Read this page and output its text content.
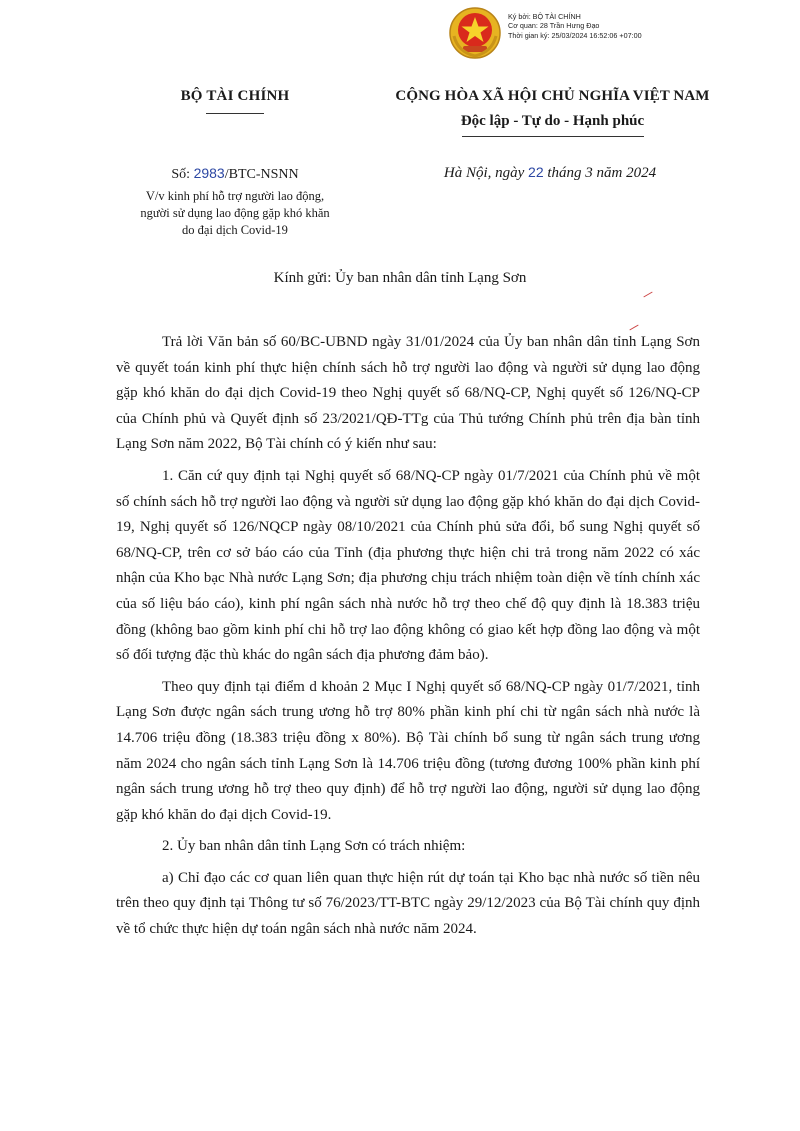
Ký bởi: BỘ TÀI CHÍNH
Cơ quan: 28 Trần Hưng Đạo
Thời gian ký: 25/03/2024 16:52:06 +07:00
BỘ TÀI CHÍNH	CỘNG HÒA XÃ HỘI CHỦ NGHĨA VIỆT NAM
Độc lập - Tự do - Hạnh phúc
Số: 2983/BTC-NSNN
V/v kinh phí hỗ trợ người lao động,
người sử dụng lao động gặp khó khăn
do đại dịch Covid-19
Hà Nội, ngày 22 tháng 3 năm 2024
Kính gửi: Ủy ban nhân dân tỉnh Lạng Sơn

Trả lời Văn bản số 60/BC-UBND ngày 31/01/2024 của Ủy ban nhân dân tỉnh Lạng Sơn về quyết toán kinh phí thực hiện chính sách hỗ trợ người lao động và người sử dụng lao động gặp khó khăn do đại dịch Covid-19 theo Nghị quyết số 68/NQ-CP, Nghị quyết số 126/NQ-CP của Chính phủ và Quyết định số 23/2021/QĐ-TTg của Thủ tướng Chính phủ trên địa bàn tỉnh Lạng Sơn năm 2022, Bộ Tài chính có ý kiến như sau:

1. Căn cứ quy định tại Nghị quyết số 68/NQ-CP ngày 01/7/2021 của Chính phủ về một số chính sách hỗ trợ người lao động và người sử dụng lao động gặp khó khăn do đại dịch Covid-19, Nghị quyết số 126/NQCP ngày 08/10/2021 của Chính phủ sửa đổi, bổ sung Nghị quyết số 68/NQ-CP, trên cơ sở báo cáo của Tỉnh (địa phương thực hiện chi trả trong năm 2022 có xác nhận của Kho bạc Nhà nước Lạng Sơn; địa phương chịu trách nhiệm toàn diện về tính chính xác của số liệu báo cáo), kinh phí ngân sách nhà nước hỗ trợ theo chế độ quy định là 18.383 triệu đồng (không bao gồm kinh phí chi hỗ trợ lao động không có giao kết hợp đồng lao động và một số đối tượng đặc thù khác do ngân sách địa phương đảm bảo).

Theo quy định tại điểm d khoản 2 Mục I Nghị quyết số 68/NQ-CP ngày 01/7/2021, tỉnh Lạng Sơn được ngân sách trung ương hỗ trợ 80% phần kinh phí chi từ ngân sách nhà nước là 14.706 triệu đồng (18.383 triệu đồng x 80%). Bộ Tài chính bổ sung từ ngân sách trung ương năm 2024 cho ngân sách tỉnh Lạng Sơn là 14.706 triệu đồng (tương đương 100% phần kinh phí ngân sách trung ương hỗ trợ theo quy định) để hỗ trợ người lao động, người sử dụng lao động gặp khó khăn do đại dịch Covid-19.

2. Ủy ban nhân dân tỉnh Lạng Sơn có trách nhiệm:

a) Chỉ đạo các cơ quan liên quan thực hiện rút dự toán tại Kho bạc nhà nước số tiền nêu trên theo quy định tại Thông tư số 76/2023/TT-BTC ngày 29/12/2023 của Bộ Tài chính quy định về tổ chức thực hiện dự toán ngân sách nhà nước năm 2024.
